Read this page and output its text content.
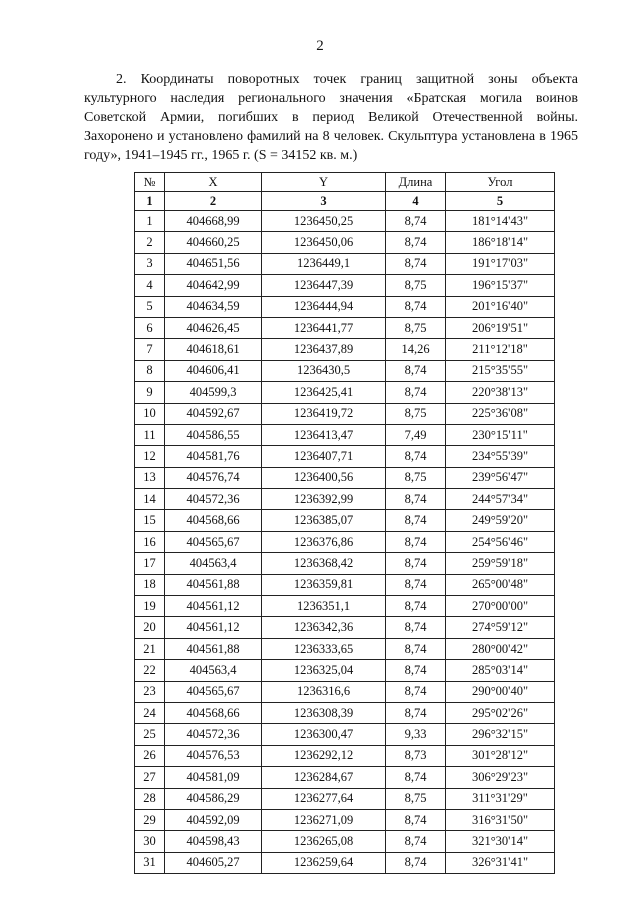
2
2. Координаты поворотных точек границ защитной зоны объекта культурного наследия регионального значения «Братская могила воинов Советской Армии, погибших в период Великой Отечественной войны. Захоронено и установлено фамилий на 8 человек. Скульптура установлена в 1965 году», 1941–1945 гг., 1965 г. (S = 34152 кв. м.)
№	X	Y	Длина	Угол
1	2	3	4	5
1	404668,99	1236450,25	8,74	181°14'43"
2	404660,25	1236450,06	8,74	186°18'14"
3	404651,56	1236449,1	8,74	191°17'03"
4	404642,99	1236447,39	8,75	196°15'37"
5	404634,59	1236444,94	8,74	201°16'40"
6	404626,45	1236441,77	8,75	206°19'51"
7	404618,61	1236437,89	14,26	211°12'18"
8	404606,41	1236430,5	8,74	215°35'55"
9	404599,3	1236425,41	8,74	220°38'13"
10	404592,67	1236419,72	8,75	225°36'08"
11	404586,55	1236413,47	7,49	230°15'11"
12	404581,76	1236407,71	8,74	234°55'39"
13	404576,74	1236400,56	8,75	239°56'47"
14	404572,36	1236392,99	8,74	244°57'34"
15	404568,66	1236385,07	8,74	249°59'20"
16	404565,67	1236376,86	8,74	254°56'46"
17	404563,4	1236368,42	8,74	259°59'18"
18	404561,88	1236359,81	8,74	265°00'48"
19	404561,12	1236351,1	8,74	270°00'00"
20	404561,12	1236342,36	8,74	274°59'12"
21	404561,88	1236333,65	8,74	280°00'42"
22	404563,4	1236325,04	8,74	285°03'14"
23	404565,67	1236316,6	8,74	290°00'40"
24	404568,66	1236308,39	8,74	295°02'26"
25	404572,36	1236300,47	9,33	296°32'15"
26	404576,53	1236292,12	8,73	301°28'12"
27	404581,09	1236284,67	8,74	306°29'23"
28	404586,29	1236277,64	8,75	311°31'29"
29	404592,09	1236271,09	8,74	316°31'50"
30	404598,43	1236265,08	8,74	321°30'14"
31	404605,27	1236259,64	8,74	326°31'41"
